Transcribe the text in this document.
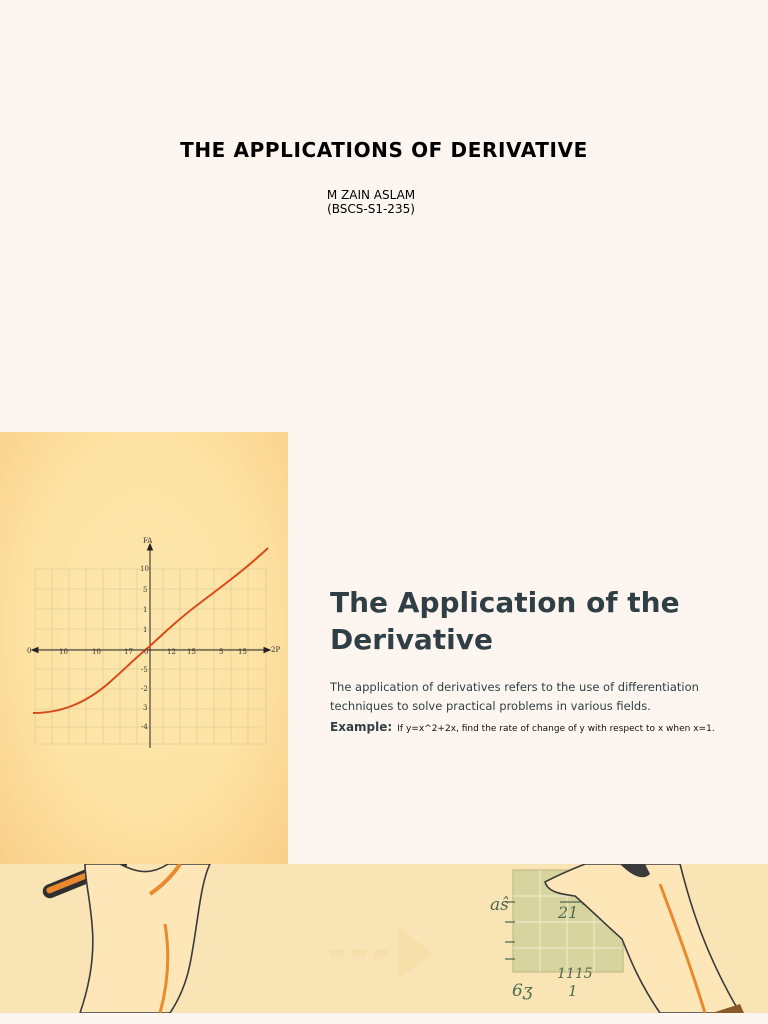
THE APPLICATIONS OF DERIVATIVE
M ZAIN ASLAM
(BSCS-S1-235)
FA
2P
0	10	10	17 0	12 15	5 15
10
5
1
1
-5
-2
3
-4
The Application of the Derivative

The application of derivatives refers to the use of differentiation techniques to solve practical problems in various fields.

Example: If y=x^2+2x, find the rate of change of y with respect to x when x=1.

aŝ	21
1115
6ʒ 1
